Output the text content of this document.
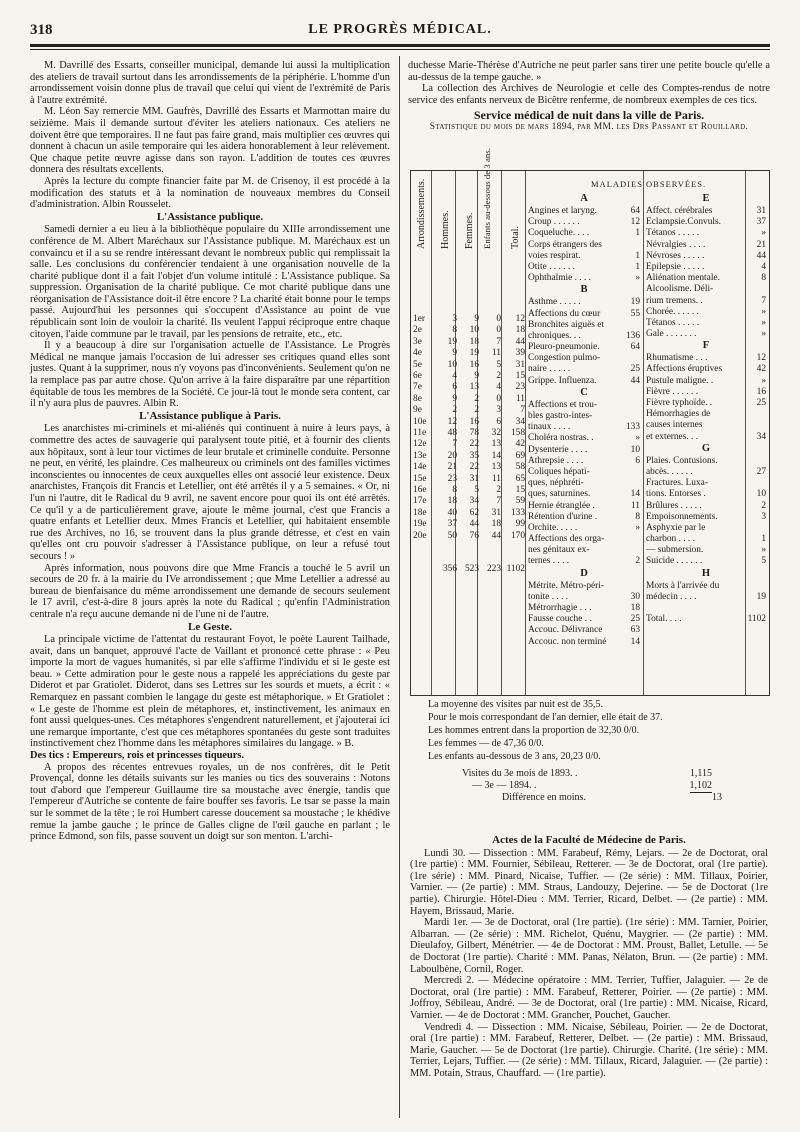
318	LE PROGRÈS MÉDICAL.

M. Davrillé des Essarts, conseiller municipal, demande lui aussi la multiplication des ateliers de travail surtout dans les arrondissements de la périphérie. L'homme d'un arrondissement voisin donne plus de travail que celui qui vient de l'extrémité de Paris à l'autre extrémité.

M. Léon Say remercie MM. Gaufrès, Davrillé des Essarts et Marmottan maire du seizième. Mais il demande surtout d'éviter les ateliers nationaux. Ces ateliers ne doivent être que temporaires. Il ne faut pas faire grand, mais multiplier ces œuvres qui donnent à chacun un asile temporaire qui les aidera honorablement à leur relèvement. Que chaque petite œuvre agisse dans son rayon. L'addition de toutes ces œuvres donnera des résultats excellents.

Après la lecture du compte financier faite par M. de Crisenoy, il est procédé à la modification des statuts et à la nomination de nouveaux membres du Conseil d'administration. Albin Rousselet.

L'Assistance publique.

Samedi dernier a eu lieu à la bibliothèque populaire du XIIIe arrondissement une conférence de M. Albert Maréchaux sur l'Assistance publique. M. Maréchaux est un convaincu et il a su se rendre intéressant devant le nombreux public qui remplissait la salle. Les conclusions du conférencier tendaient à une organisation nouvelle de la charité publique dont il a fait l'objet d'un volume intitulé : L'Assistance publique. Sa suppression. Organisation de la charité publique. Ce mot charité publique dans une réorganisation de l'Assistance doit-il être encore ? La charité était bonne pour le temps passé. Aujourd'hui les personnes qui s'occupent d'Assistance au point de vue républicain sont loin de vouloir la charité. Ils veulent l'appui réciproque entre chaque citoyen, l'aide commune par le travail, par les pensions de retraite, etc., etc.

Il y a beaucoup à dire sur l'organisation actuelle de l'Assistance. Le Progrès Médical ne manque jamais l'occasion de lui adresser ses critiques quand elles sont justes. Quant à la supprimer, nous n'y voyons pas d'inconvénients. Seulement qu'on ne la remplace pas par autre chose. Qu'on arrive à la faire disparaître par une répartition équitable de tous les membres de la Société. Ce jour-là tout le monde sera content, car il n'y aura plus de pauvres. Albin R.

L'Assistance publique à Paris.

Les anarchistes mi-criminels et mi-aliénés qui continuent à nuire à leurs pays, à commettre des actes de sauvagerie qui paralysent toute pitié, et à fournir des clients aux hôpitaux, sont à leur tour victimes de leur brutale et criminelle conduite. Personne ne peut, en vérité, les plaindre. Ces malheureux ou criminels ont des familles victimes inconscientes ou innocentes de ceux auxquelles elles ont associé leur existence. Deux anarchistes, François dit Francis et Letellier, ont été arrêtés il y a 5 semaines. « Or, ni l'un ni l'autre, dit le Radical du 9 avril, ne savent encore pour quoi ils ont été arrêtés. Ce qu'il y a de particulièrement grave, ajoute le même journal, c'est que Francis a quatre enfants et Letellier deux. Mmes Francis et Letellier, qui habitaient ensemble rue des Archives, no 16, se trouvent dans la plus grande détresse, et c'est en vain qu'elles ont cru pouvoir s'adresser à l'Assistance publique, on leur a refusé tout secours ! »

Après information, nous pouvons dire que Mme Francis a touché le 5 avril un secours de 20 fr. à la mairie du IVe arrondissement ; que Mme Letellier a adressé au bureau de bienfaisance du même arrondissement une demande de secours seulement le 17 avril, c'est-à-dire 8 jours après la note du Radical ; qu'enfin l'Administration centrale n'a reçu aucune demande ni de l'une ni de l'autre.

Le Geste.

La principale victime de l'attentat du restaurant Foyot, le poète Laurent Tailhade, avait, dans un banquet, approuvé l'acte de Vaillant et prononcé cette phrase : « Peu importe la mort de vagues humanités, si par elle s'affirme l'individu et si le geste est beau. » Cette admiration pour le geste nous a rappelé les appréciations du geste par Diderot et par Gratiolet. Diderot, dans ses Lettres sur les sourds et muets, a écrit : « Remarquez en passant combien le langage du geste est métaphorique. » Et Gratiolet : « Le geste de l'homme est plein de métaphores, et, instinctivement, les animaux en font aussi quelques-unes. Ces métaphores s'engendrent naturellement, et j'ajouterai ici une remarque importante, c'est que ces métaphores spontanées du geste sont traduites instinctivement chez l'homme dans les métaphores similaires du langage. » B.

Des tics : Empereurs, rois et princesses tiqueurs.

A propos des récentes entrevues royales, un de nos confrères, dit le Petit Provençal, donne les détails suivants sur les manies ou tics des souverains : Notons tout d'abord que l'empereur Guillaume tire sa moustache avec énergie, tandis que l'empereur d'Autriche se contente de faire bouffer ses favoris. Le tsar se passe la main sur le sommet de la tête ; le roi Humbert caresse doucement sa moustache ; le khédive remue la jambe gauche ; le prince de Galles cligne de l'œil gauche en parlant ; le prince Edmond, son fils, passe souvent un doigt sur son menton. L'archi-

duchesse Marie-Thérèse d'Autriche ne peut parler sans tirer une petite boucle qu'elle a au-dessus de la tempe gauche. »

La collection des Archives de Neurologie et celle des Comptes-rendus de notre service des enfants nerveux de Bicêtre renferme, de nombreux exemples de ces tics.

Service médical de nuit dans la ville de Paris.
Statistique du mois de mars 1894, par MM. les Drs Passant et Rouillard.
Arrondissements. Hommes. Femmes. Enfants au-dessous de 3 ans. Total.
MALADIES OBSERVÉES.
A
Angines et laryng.	64
Croup . . . . . .	12
Coqueluche. . . .	1
Corps étrangers des
voies respirat.	1
Otite . . . . . .	1
Ophthalmie . . . .	»
B
Asthme . . . . .	19
Affections du cœur	55
Bronchites aiguës et
chroniques. . .	136
Pleuro-pneumonie.	64
Congestion pulmo-
naire . . . . .	25
Grippe. Influenza.	44
C
Affections et trou-
bles gastro-intes-
tinaux . . . .	133
Choléra nostras. .	»
Dysenterie . . . .	10
Athrepsie . . . .	6
Coliques hépati-
ques, néphréti-
ques, saturnines.	14
Hernie étranglée .	11
Rétention d'urine .	8
Orchite. . . . .	»
Affections des orga-
nes génitaux ex-
ternes . . . .	2
D
Métrite. Métro-péri-
tonite . . . .	30
Métrorrhagie . . .	18
Fausse couche . .	25
Accouc. Délivrance	63
Accouc. non terminé	14
E
Affect. cérébrales	31
Eclampsie.Convuls.	37
Tétanos . . . . .	»
Névralgies . . . .	21
Névroses . . . . .	44
Epilepsie . . . . .	4
Aliénation mentale.	8
Alcoolisme. Déli-
rium tremens. .	7
Chorée. . . . . .	»
Tétanos . . . . .	»
Gale . . . . . . .	»
F
Rhumatisme . . .	12
Affections éruptives	42
Pustule maligne. .	»
Fièvre . . . . . .	16
Fièvre typhoïde. .	25
Hémorrhagies de
causes internes
et externes. . .	34
G
Plaies. Contusions.
abcès. . . . . .	27
Fractures. Luxa-
tions. Entorses .	10
Brûlures . . . . .	2
Empoisonnements.	3
Asphyxie par le
charbon . . . .	1
— submersion.	»
Suicide . . . . . .	5
H
Morts à l'arrivée du
médecin . . . .	19
Total. . . .	1102
1er	3	9	0	12
2e	8	10	0	18
3e	19	18	7	44
4e	9	19	11	39
5e	10	16	5	31
6e	4	9	2	15
7e	6	13	4	23
8e	9	2	0	11
9e	2	2	3	7
10e	12	16	6	34
11e	48	78	32	158
12e	7	22	13	42
13e	20	35	14	69
14e	21	22	13	58
15e	23	31	11	65
16e	8	5	2	15
17e	18	34	7	59
18e	40	62	31	133
19e	37	44	18	99
20e	50	76	44	170
356 523 223 1102
La moyenne des visites par nuit est de 35,5.
Pour le mois correspondant de l'an dernier, elle était de 37.
Les hommes entrent dans la proportion de 32,30 0/0.
Les femmes — de 47,36 0/0.
Les enfants au-dessous de 3 ans, 20,23 0/0.
Visites du 3e mois de 1893. .	1,115
— 3e — 1894. .	1,102
Différence en moins.	13
Actes de la Faculté de Médecine de Paris.

Lundi 30. — Dissection : MM. Farabeuf, Rémy, Lejars. — 2e de Doctorat, oral (1re partie) : MM. Fournier, Sébileau, Retterer. — 3e de Doctorat, oral (1re partie). (1re série) : MM. Pinard, Nicaise, Tuffier. — (2e série) : MM. Tillaux, Poirier, Varnier. — (2e partie) : MM. Straus, Landouzy, Dejerine. — 5e de Doctorat (1re partie). Chirurgie. Hôtel-Dieu : MM. Terrier, Ricard, Delbet. — (2e partie) : MM. Hayem, Brissaud, Marie.

Mardi 1er. — 3e de Doctorat, oral (1re partie). (1re série) : MM. Tarnier, Poirier, Albarran. — (2e série) : MM. Richelot, Quénu, Maygrier. — (2e partie) : MM. Dieulafoy, Gilbert, Ménétrier. — 4e de Doctorat : MM. Proust, Ballet, Letulle. — 5e de Doctorat (1re partie). Charité : MM. Panas, Nélaton, Brun. — (2e partie) : MM. Laboulbène, Cornil, Roger.

Mercredi 2. — Médecine opératoire : MM. Terrier, Tuffier, Jalaguier. — 2e de Doctorat, oral (1re partie) : MM. Farabeuf, Retterer, Poirier. — (2e partie) : MM. Joffroy, Sébileau, André. — 3e de Doctorat, oral (1re partie) : MM. Nicaise, Ricard, Varnier. — 4e de Doctorat : MM. Grancher, Pouchet, Gaucher.

Vendredi 4. — Dissection : MM. Nicaise, Sébileau, Poirier. — 2e de Doctorat, oral (1re partie) : MM. Farabeuf, Retterer, Delbet. — (2e partie) : MM. Brissaud, Marie, Gaucher. — 5e de Doctorat (1re partie). Chirurgie. Charité. (1re série) : MM. Terrier, Lejars, Tuffier. — (2e série) : MM. Tillaux, Ricard, Jalaguier. — (2e partie) : MM. Potain, Straus, Chauffard. — (1re partie).
